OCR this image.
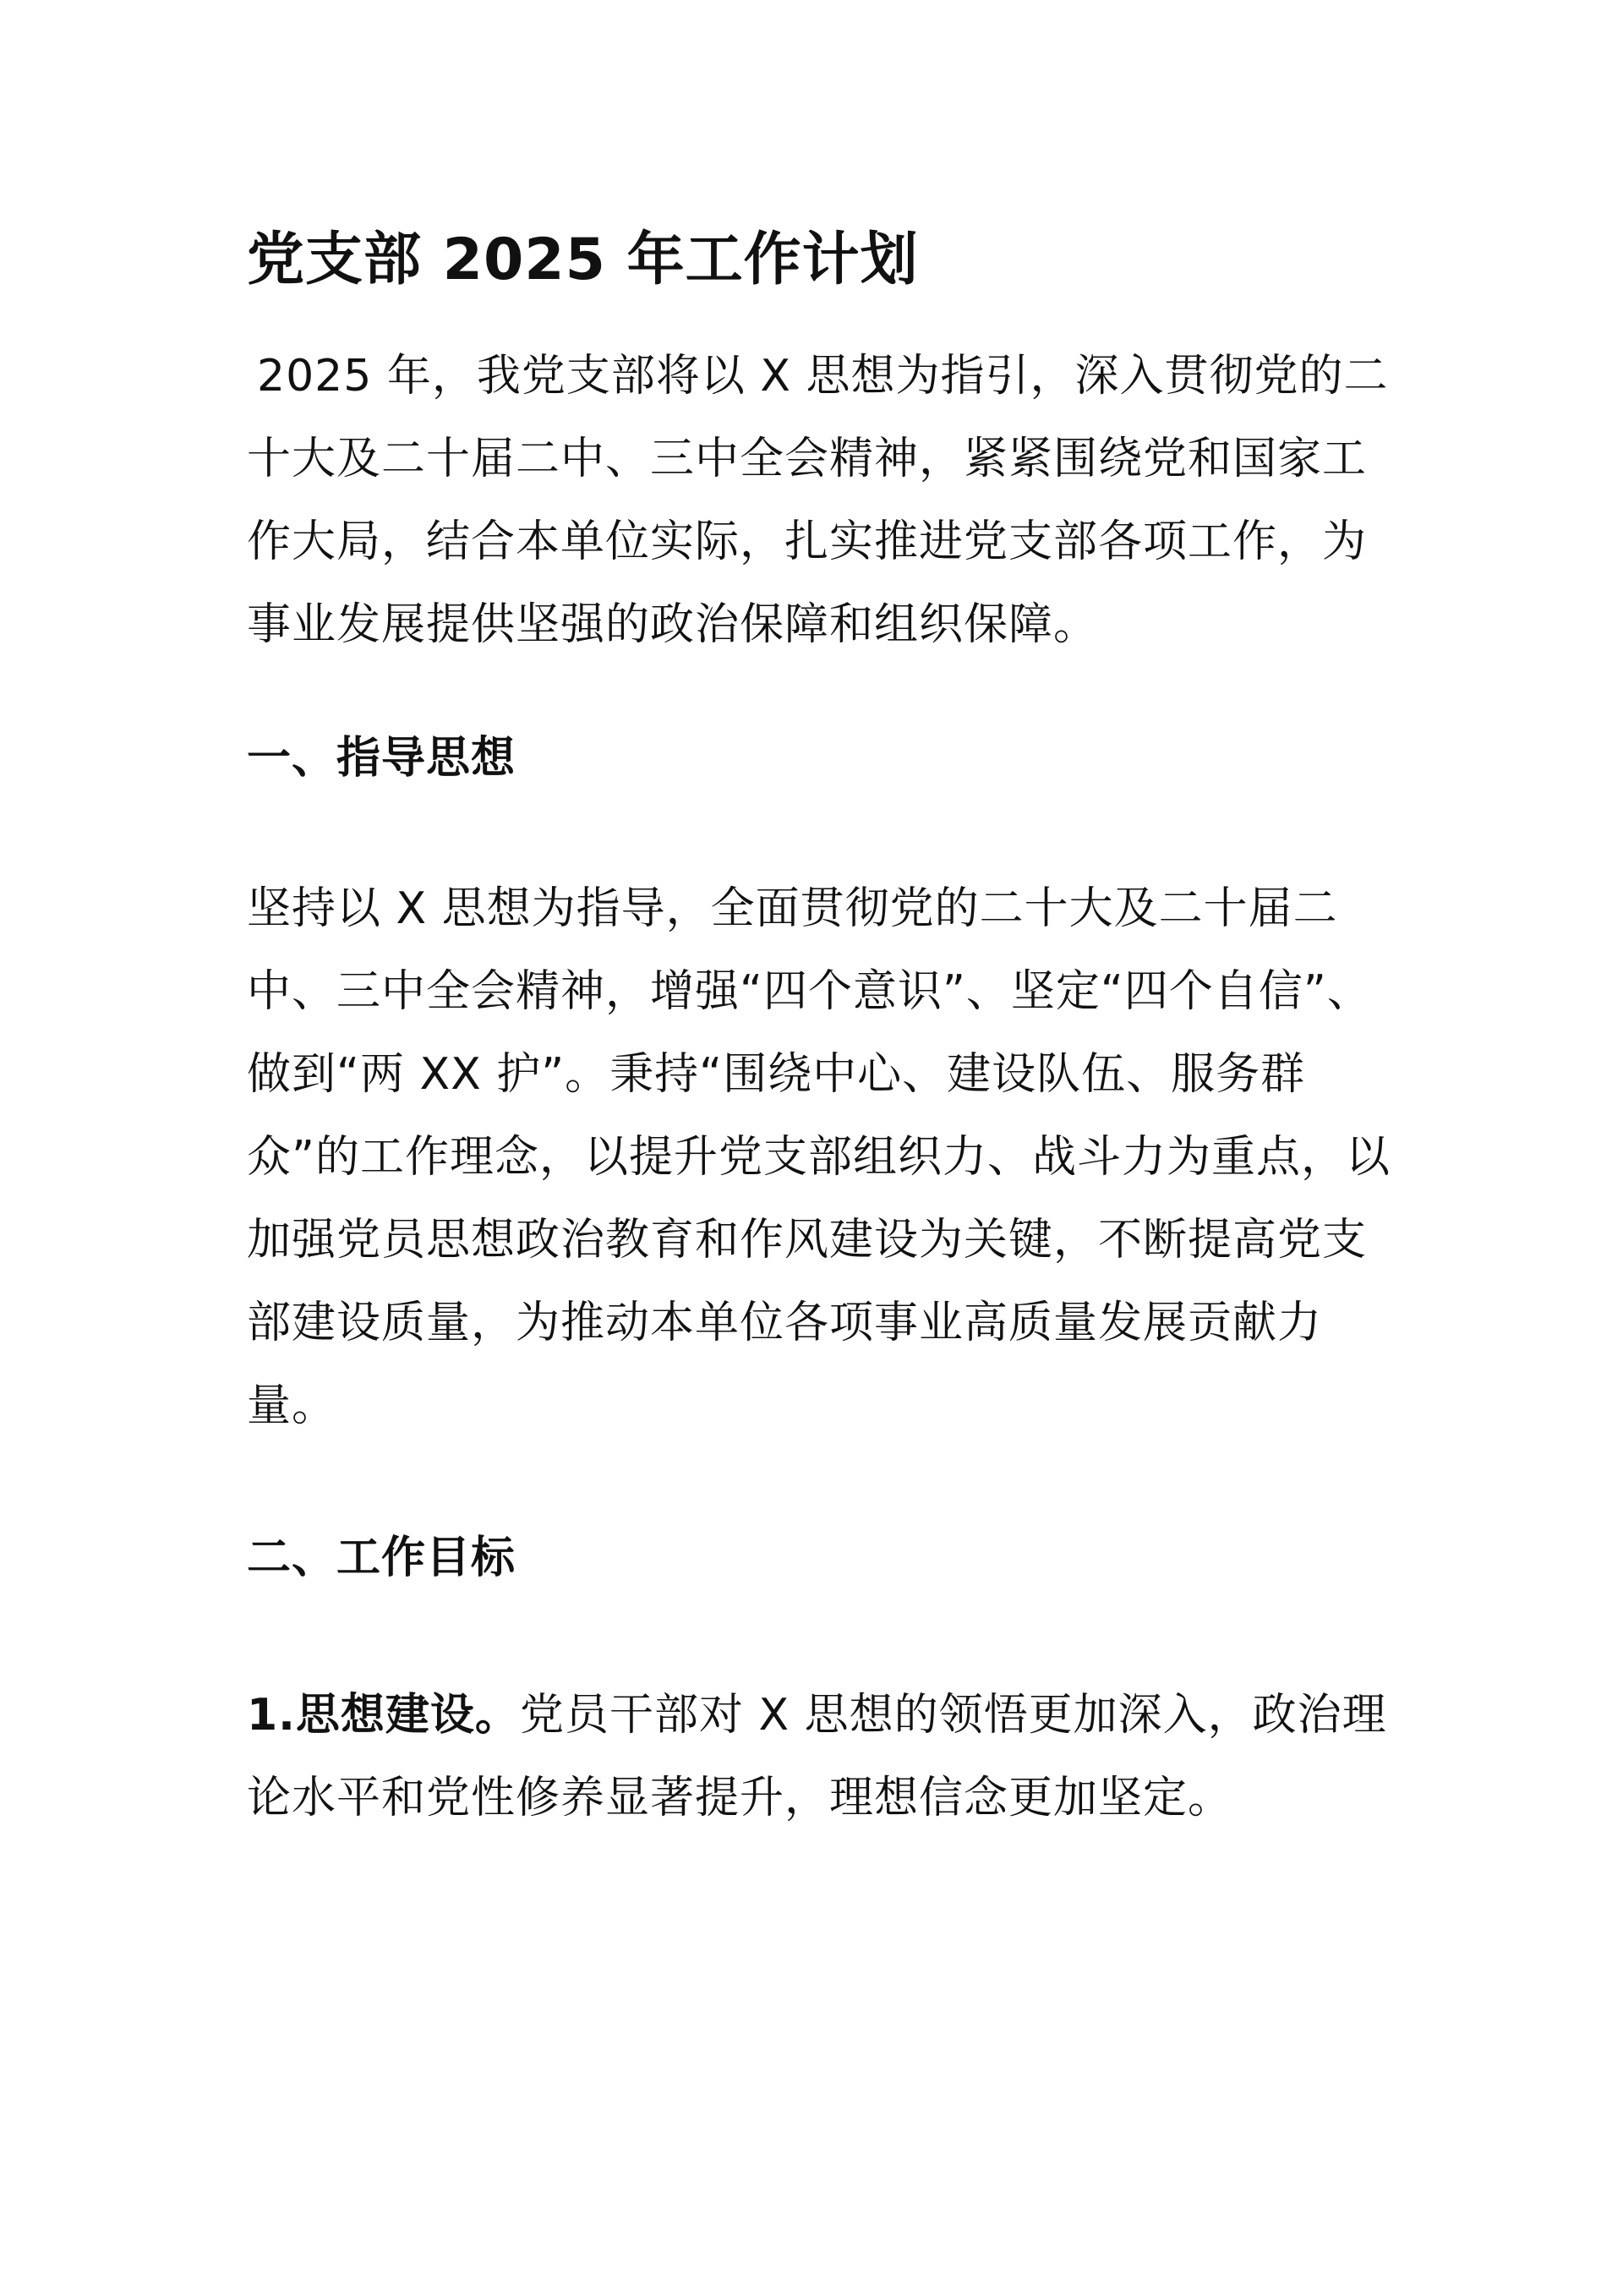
党支部 2025 年工作计划

2025 年，我党支部将以 X 思想为指引，深入贯彻党的二十大及二十届二中、三中全会精神，紧紧围绕党和国家工作大局，结合本单位实际，扎实推进党支部各项工作，为事业发展提供坚强的政治保障和组织保障。

一、指导思想

坚持以 X 思想为指导，全面贯彻党的二十大及二十届二中、三中全会精神，增强“四个意识”、坚定“四个自信”、做到“两 XX 护”。秉持“围绕中心、建设队伍、服务群众”的工作理念，以提升党支部组织力、战斗力为重点，以加强党员思想政治教育和作风建设为关键，不断提高党支部建设质量，为推动本单位各项事业高质量发展贡献力量。

二、工作目标

1.思想建设。党员干部对 X 思想的领悟更加深入，政治理论水平和党性修养显著提升，理想信念更加坚定。
